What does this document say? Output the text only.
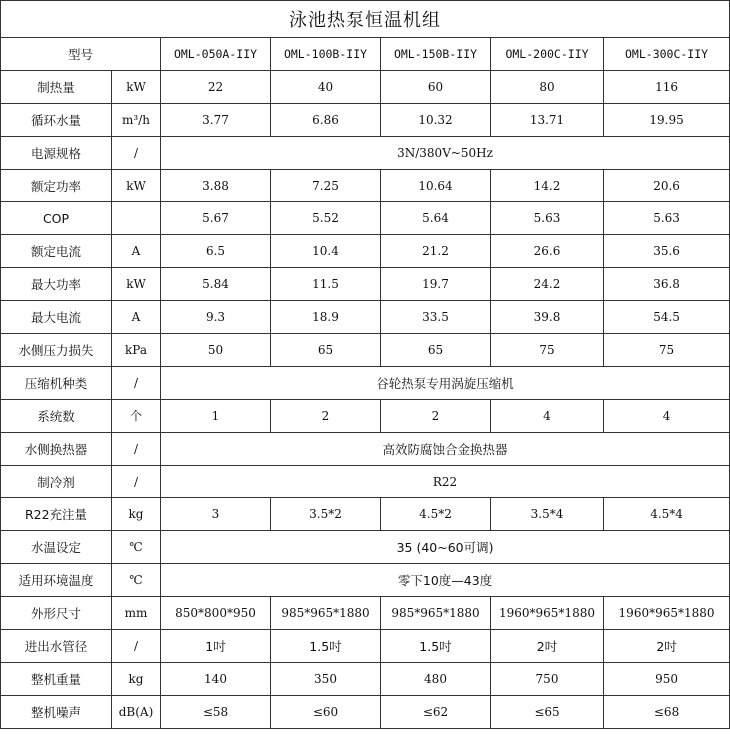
泳池热泵恒温机组						
型号		OML-050A-IIY	OML-100B-IIY	OML-150B-IIY	OML-200C-IIY	OML-300C-IIY
制热量	kW	22	40	60	80	116
循环水量	m³/h	3.77	6.86	10.32	13.71	19.95
电源规格	/	3N/380V~50Hz				
额定功率	kW	3.88	7.25	10.64	14.2	20.6
COP		5.67	5.52	5.64	5.63	5.63
额定电流	A	6.5	10.4	21.2	26.6	35.6
最大功率	kW	5.84	11.5	19.7	24.2	36.8
最大电流	A	9.3	18.9	33.5	39.8	54.5
水侧压力损失	kPa	50	65	65	75	75
压缩机种类	/	谷轮热泵专用涡旋压缩机				
系统数	个	1	2	2	4	4
水侧换热器	/	高效防腐蚀合金换热器				
制冷剂	/	R22				
R22充注量	kg	3	3.5*2	4.5*2	3.5*4	4.5*4
水温设定	℃	35 (40~60可调)				
适用环境温度	℃	零下10度—43度				
外形尺寸	mm	850*800*950	985*965*1880	985*965*1880	1960*965*1880	1960*965*1880
进出水管径	/	1吋	1.5吋	1.5吋	2吋	2吋
整机重量	kg	140	350	480	750	950
整机噪声	dB(A)	≤58	≤60	≤62	≤65	≤68
